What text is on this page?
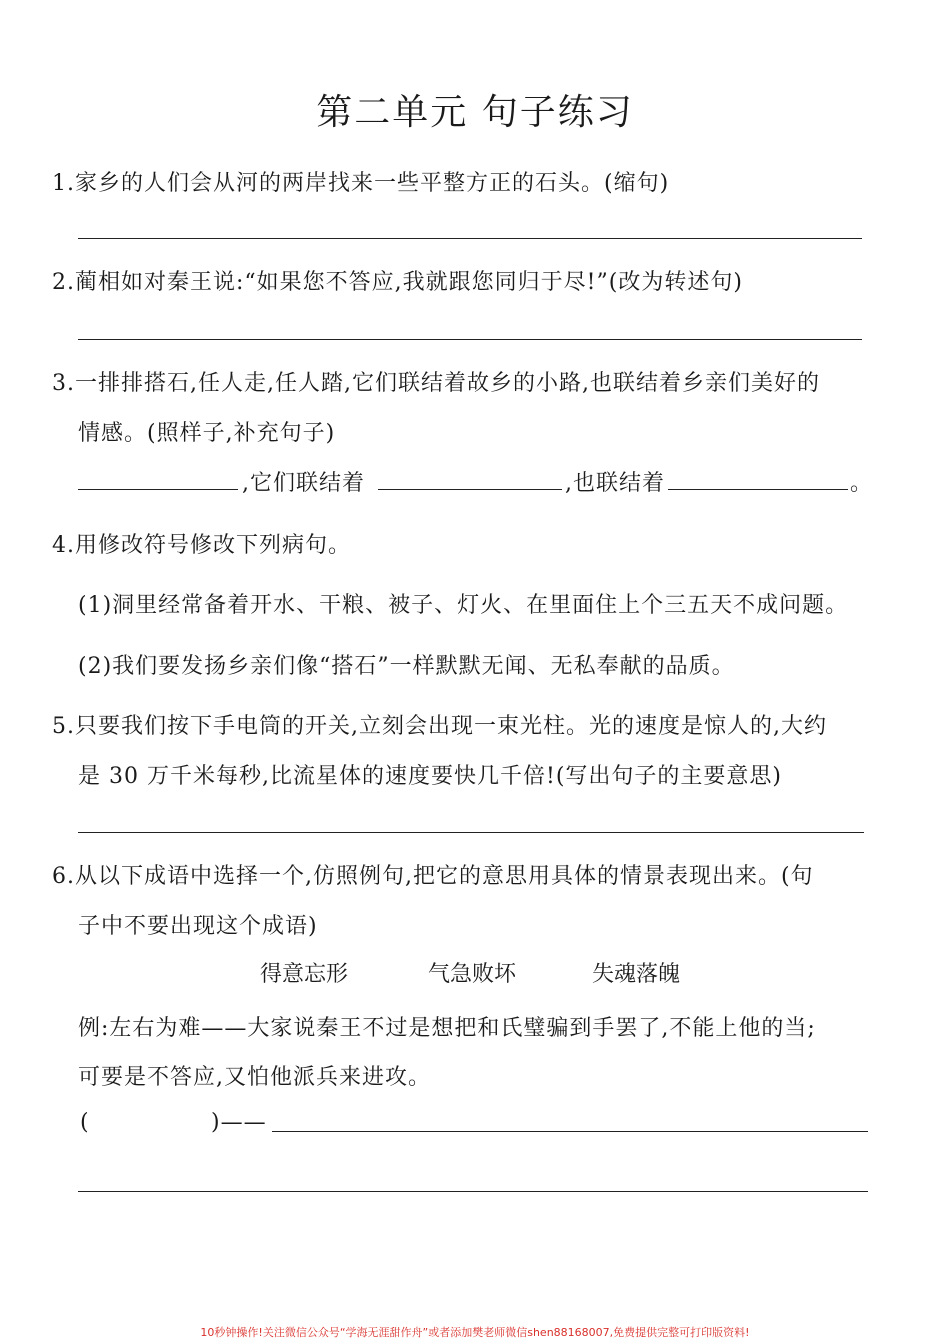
第二单元 句子练习
1.家乡的人们会从河的两岸找来一些平整方正的石头。(缩句)
2.蔺相如对秦王说:“如果您不答应,我就跟您同归于尽!”(改为转述句)
3.一排排搭石,任人走,任人踏,它们联结着故乡的小路,也联结着乡亲们美好的
情感。(照样子,补充句子)
,它们联结着	,也联结着	。
4.用修改符号修改下列病句。
(1)洞里经常备着开水、干粮、被子、灯火、在里面住上个三五天不成问题。
(2)我们要发扬乡亲们像“搭石”一样默默无闻、无私奉献的品质。
5.只要我们按下手电筒的开关,立刻会出现一束光柱。光的速度是惊人的,大约
是 30 万千米每秒,比流星体的速度要快几千倍!(写出句子的主要意思)
6.从以下成语中选择一个,仿照例句,把它的意思用具体的情景表现出来。(句
子中不要出现这个成语)
得意忘形	气急败坏	失魂落魄
例:左右为难——大家说秦王不过是想把和氏璧骗到手罢了,不能上他的当;
可要是不答应,又怕他派兵来进攻。
(	)——
10秒钟操作!关注微信公众号“学海无涯甜作舟”或者添加樊老师微信shen88168007,免费提供完整可打印版资料!
